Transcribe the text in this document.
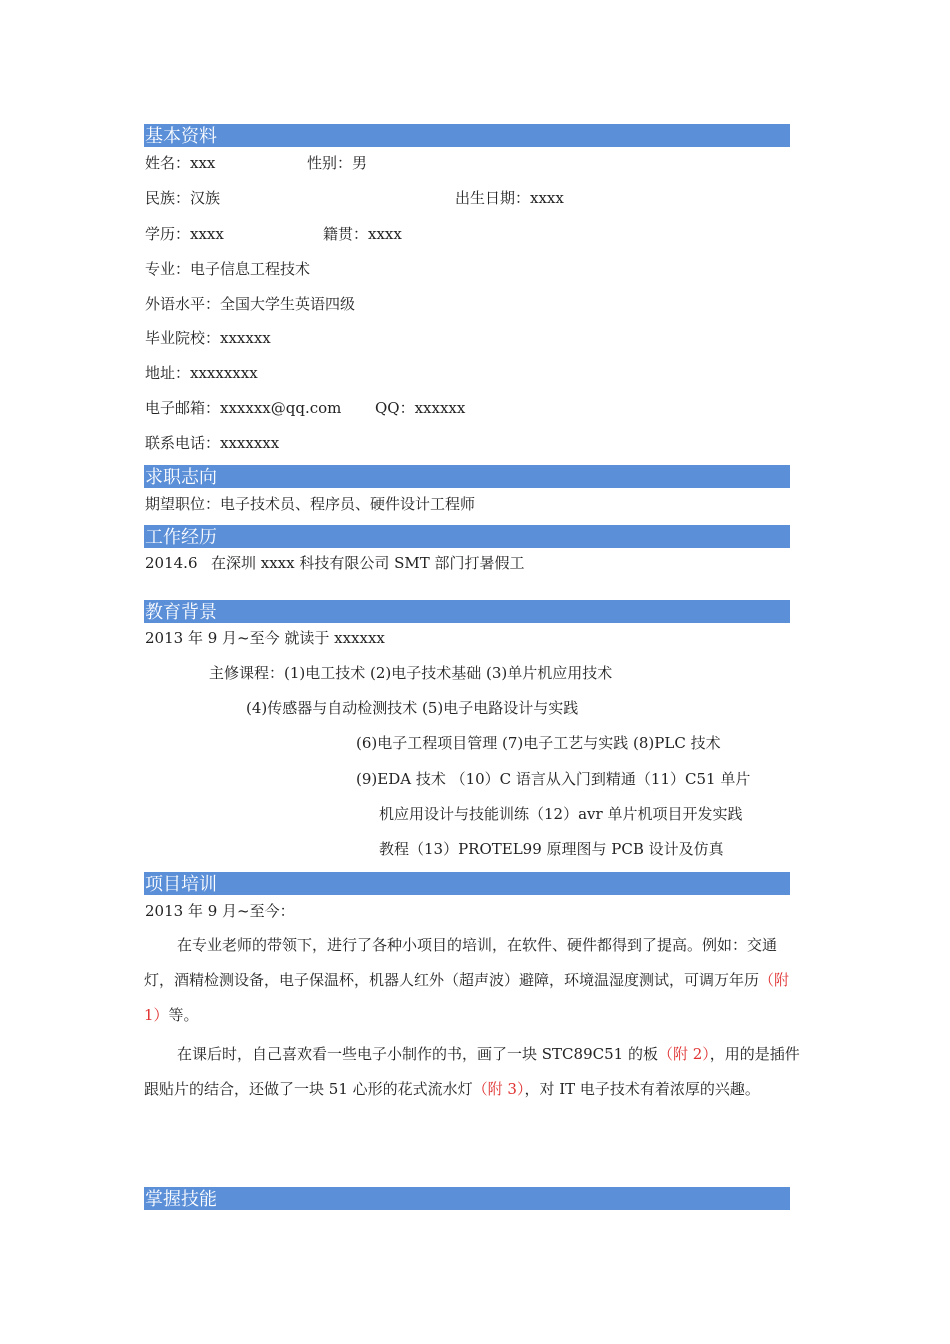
基本资料
姓名：xxx	性别：男
民族：汉族	出生日期：xxxx
学历：xxxx	籍贯：xxxx
专业：电子信息工程技术
外语水平：全国大学生英语四级
毕业院校：xxxxxx
地址：xxxxxxxx
电子邮箱：xxxxxx@qq.com QQ：xxxxxx
联系电话：xxxxxxx
求职志向
期望职位：电子技术员、程序员、硬件设计工程师
工作经历
2014.6 在深圳 xxxx 科技有限公司 SMT 部门打暑假工
教育背景
2013 年 9 月~至今 就读于 xxxxxx
主修课程：(1)电工技术 (2)电子技术基础 (3)单片机应用技术
(4)传感器与自动检测技术 (5)电子电路设计与实践
(6)电子工程项目管理 (7)电子工艺与实践 (8)PLC 技术
(9)EDA 技术 （10）C 语言从入门到精通（11）C51 单片
机应用设计与技能训练（12）avr 单片机项目开发实践
教程（13）PROTEL99 原理图与 PCB 设计及仿真
项目培训
2013 年 9 月~至今：
在专业老师的带领下，进行了各种小项目的培训，在软件、硬件都得到了提高。例如：交通灯，酒精检测设备，电子保温杯，机器人红外（超声波）避障，环境温湿度测试，可调万年历（附 1）等。
在课后时，自己喜欢看一些电子小制作的书，画了一块 STC89C51 的板（附 2），用的是插件跟贴片的结合，还做了一块 51 心形的花式流水灯（附 3），对 IT 电子技术有着浓厚的兴趣。
掌握技能
